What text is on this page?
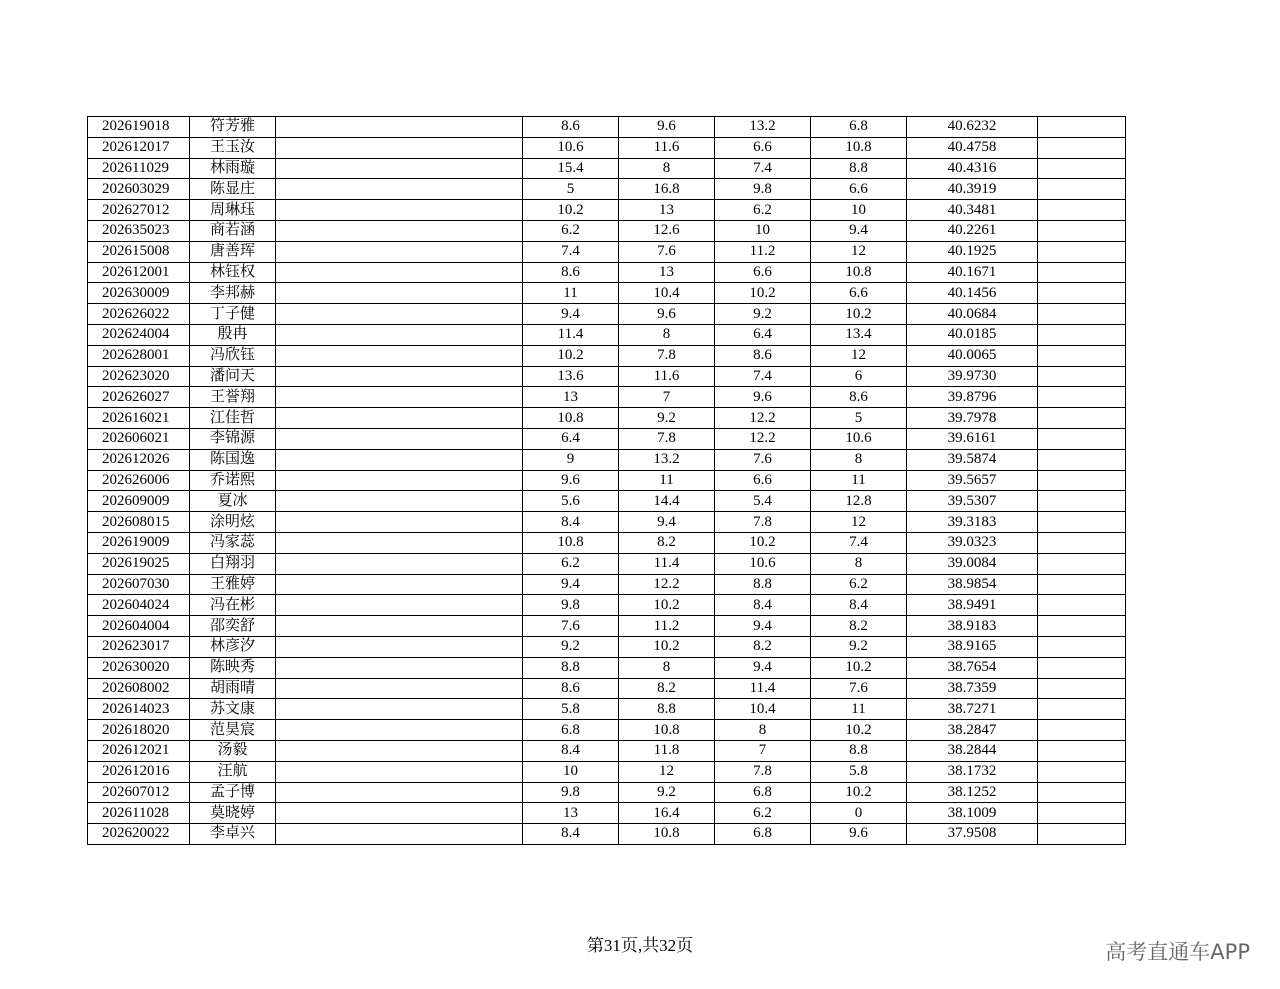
202619018	符芳雅		8.6	9.6	13.2	6.8	40.6232	
202612017	王玉汝		10.6	11.6	6.6	10.8	40.4758	
202611029	林雨璇		15.4	8	7.4	8.8	40.4316	
202603029	陈显庄		5	16.8	9.8	6.6	40.3919	
202627012	周琳珏		10.2	13	6.2	10	40.3481	
202635023	商若涵		6.2	12.6	10	9.4	40.2261	
202615008	唐善珲		7.4	7.6	11.2	12	40.1925	
202612001	林钰权		8.6	13	6.6	10.8	40.1671	
202630009	李邦赫		11	10.4	10.2	6.6	40.1456	
202626022	丁子健		9.4	9.6	9.2	10.2	40.0684	
202624004	殷冉		11.4	8	6.4	13.4	40.0185	
202628001	冯欣钰		10.2	7.8	8.6	12	40.0065	
202623020	潘问天		13.6	11.6	7.4	6	39.9730	
202626027	王誉翔		13	7	9.6	8.6	39.8796	
202616021	江佳哲		10.8	9.2	12.2	5	39.7978	
202606021	李锦源		6.4	7.8	12.2	10.6	39.6161	
202612026	陈国逸		9	13.2	7.6	8	39.5874	
202626006	乔诺熙		9.6	11	6.6	11	39.5657	
202609009	夏冰		5.6	14.4	5.4	12.8	39.5307	
202608015	涂明炫		8.4	9.4	7.8	12	39.3183	
202619009	冯家蕊		10.8	8.2	10.2	7.4	39.0323	
202619025	白翔羽		6.2	11.4	10.6	8	39.0084	
202607030	王雅婷		9.4	12.2	8.8	6.2	38.9854	
202604024	冯在彬		9.8	10.2	8.4	8.4	38.9491	
202604004	邵奕舒		7.6	11.2	9.4	8.2	38.9183	
202623017	林彦汐		9.2	10.2	8.2	9.2	38.9165	
202630020	陈映秀		8.8	8	9.4	10.2	38.7654	
202608002	胡雨晴		8.6	8.2	11.4	7.6	38.7359	
202614023	苏文康		5.8	8.8	10.4	11	38.7271	
202618020	范昊宸		6.8	10.8	8	10.2	38.2847	
202612021	汤毅		8.4	11.8	7	8.8	38.2844	
202612016	汪航		10	12	7.8	5.8	38.1732	
202607012	孟子博		9.8	9.2	6.8	10.2	38.1252	
202611028	莫晓婷		13	16.4	6.2	0	38.1009	
202620022	李卓兴		8.4	10.8	6.8	9.6	37.9508	
第31页,共32页	高考直通车APP
